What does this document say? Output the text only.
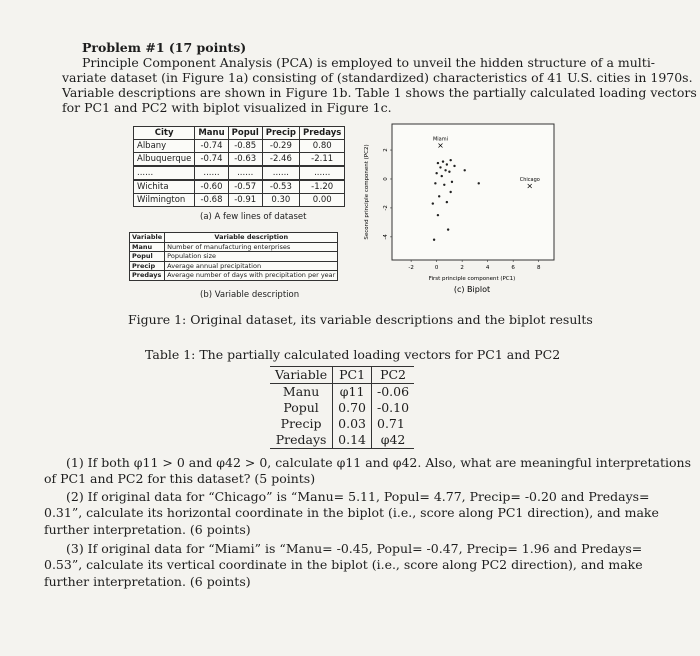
Problem #1 (17 points)
Principle Component Analysis (PCA) is employed to unveil the hidden structure of a multi-
variate dataset (in Figure 1a) consisting of (standardized) characteristics of 41 U.S. cities in 1970s.
Variable descriptions are shown in Figure 1b. Table 1 shows the partially calculated loading vectors
for PC1 and PC2 with biplot visualized in Figure 1c.
City	Manu	Popul	Precip	Predays
Albany	-0.74	-0.85	-0.29	0.80
Albuquerque	-0.74	-0.63	-2.46	-2.11
......	......	......	......	......
Wichita	-0.60	-0.57	-0.53	-1.20
Wilmington	-0.68	-0.91	0.30	0.00
(a) A few lines of dataset
Variable	Variable description
Manu	Number of manufacturing enterprises
Popul	Population size
Precip	Average annual precipitation
Predays	Average number of days with precipitation per year
(b) Variable description
-2	0	2	4	6	8
2
0
-2
-4
×
Miami
×
Chicago
First principle component (PC1)
Second principle component (PC2)
(c) Biplot
Figure 1: Original dataset, its variable descriptions and the biplot results
Table 1: The partially calculated loading vectors for PC1 and PC2
Variable	PC1	PC2
Manu	φ11	-0.06
Popul	0.70	-0.10
Precip	0.03	0.71
Predays	0.14	φ42
(1) If both φ11 > 0 and φ42 > 0, calculate φ11 and φ42. Also, what are meaningful interpretations
of PC1 and PC2 for this dataset? (5 points)
(2) If original data for “Chicago” is “Manu= 5.11, Popul= 4.77, Precip= -0.20 and Predays=
0.31”, calculate its horizontal coordinate in the biplot (i.e., score along PC1 direction), and make
further interpretation. (6 points)
(3) If original data for “Miami” is “Manu= -0.45, Popul= -0.47, Precip= 1.96 and Predays=
0.53”, calculate its vertical coordinate in the biplot (i.e., score along PC2 direction), and make
further interpretation. (6 points)
